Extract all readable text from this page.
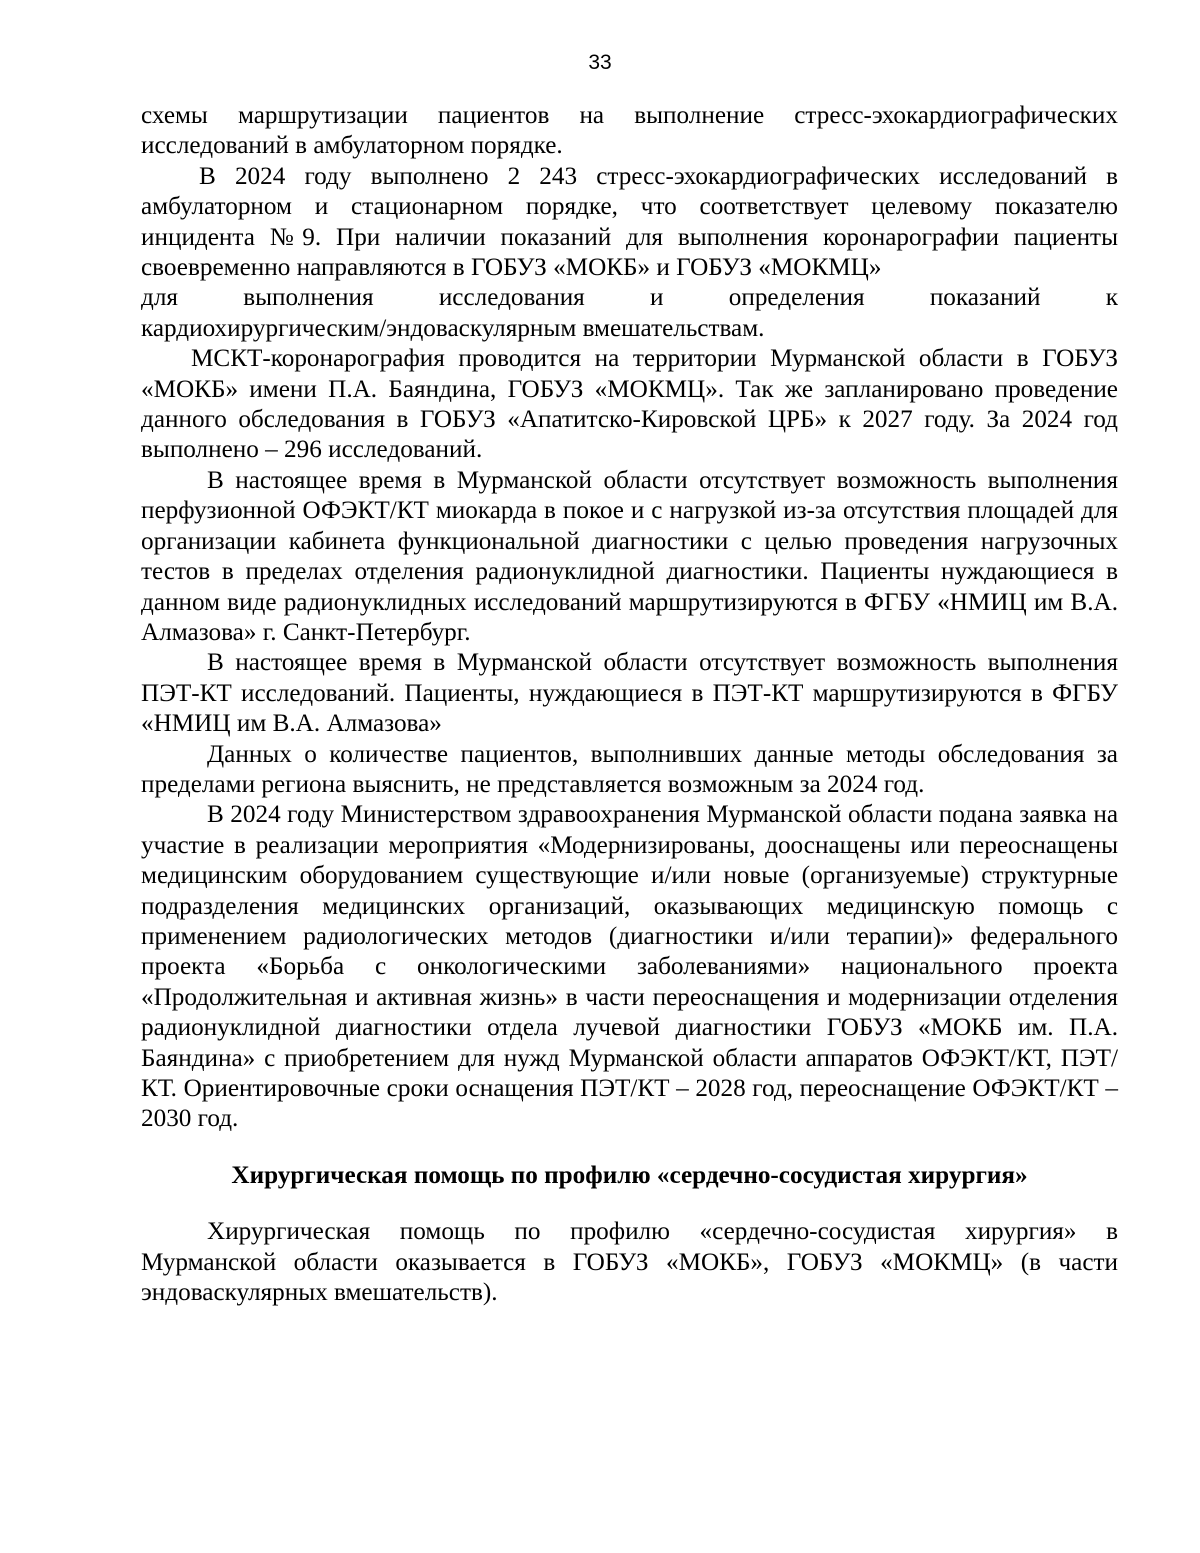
33

схемы маршрутизации пациентов на выполнение стресс-эхокардиографических исследований в амбулаторном порядке.

В 2024 году выполнено 2 243 стресс-эхокардиографических исследований в амбулаторном и стационарном порядке, что соответствует целевому показателю инцидента №9. При наличии показаний для выполнения коронарографии пациенты своевременно направляются в ГОБУЗ «МОКБ» и ГОБУЗ «МОКМЦ»

для выполнения исследования и определения показаний к

кардиохирургическим/эндоваскулярным вмешательствам.

МСКТ-коронарография проводится на территории Мурманской области в ГОБУЗ «МОКБ» имени П.А. Баяндина, ГОБУЗ «МОКМЦ». Так же запланировано проведение данного обследования в ГОБУЗ «Апатитско-Кировской ЦРБ» к 2027 году. За 2024 год выполнено – 296 исследований.

В настоящее время в Мурманской области отсутствует возможность выполнения перфузионной ОФЭКТ/КТ миокарда в покое и с нагрузкой из-за отсутствия площадей для организации кабинета функциональной диагностики с целью проведения нагрузочных тестов в пределах отделения радионуклидной диагностики. Пациенты нуждающиеся в данном виде радионуклидных исследований маршрутизируются в ФГБУ «НМИЦ им В.А. Алмазова» г. Санкт-Петербург.

В настоящее время в Мурманской области отсутствует возможность выполнения ПЭТ-КТ исследований. Пациенты, нуждающиеся в ПЭТ-КТ маршрутизируются в ФГБУ «НМИЦ им В.А. Алмазова»

Данных о количестве пациентов, выполнивших данные методы обследования за пределами региона выяснить, не представляется возможным за 2024 год.

В 2024 году Министерством здравоохранения Мурманской области подана заявка на участие в реализации мероприятия «Модернизированы, дооснащены или переоснащены медицинским оборудованием существующие и/или новые (организуемые) структурные подразделения медицинских организаций, оказывающих медицинскую помощь с применением радиологических методов (диагностики и/или терапии)» федерального проекта «Борьба с онкологическими заболеваниями» национального проекта «Продолжительная и активная жизнь» в части переоснащения и модернизации отделения радионуклидной диагностики отдела лучевой диагностики ГОБУЗ «МОКБ им. П.А. Баяндина» с приобретением для нужд Мурманской области аппаратов ОФЭКТ/КТ, ПЭТ/КТ. Ориентировочные сроки оснащения ПЭТ/КТ – 2028 год, переоснащение ОФЭКТ/КТ – 2030 год.

Хирургическая помощь по профилю «сердечно-сосудистая хирургия»

Хирургическая помощь по профилю «сердечно-сосудистая хирургия» в Мурманской области оказывается в ГОБУЗ «МОКБ», ГОБУЗ «МОКМЦ» (в части эндоваскулярных вмешательств).
